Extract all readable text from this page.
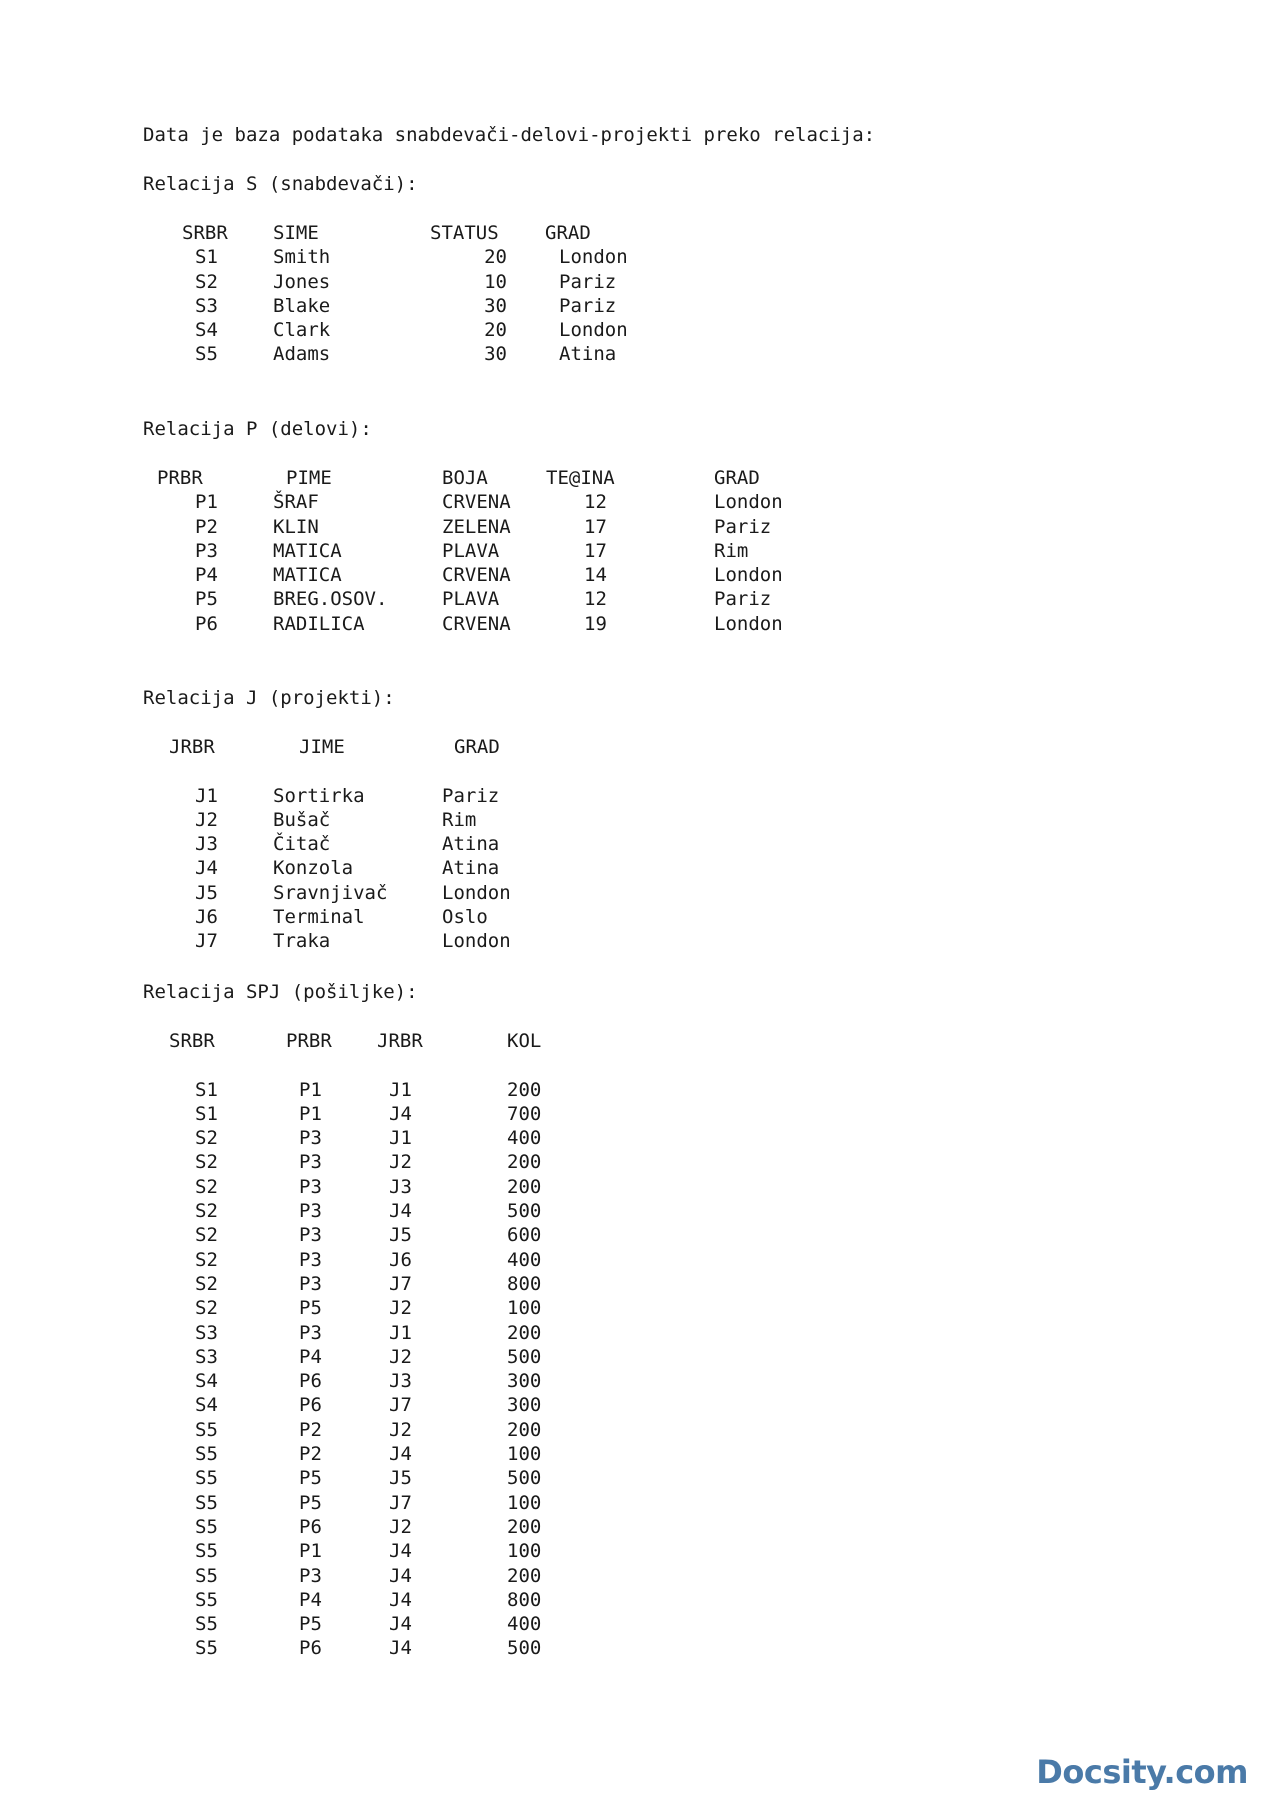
Data je baza podataka snabdevači-delovi-projekti preko relacija:
Relacija S (snabdevači):
SRBR SIME	STATUS GRAD
S1	Smith	20	London
S2	Jones	10	Pariz
S3	Blake	30	Pariz
S4	Clark	20	London
S5	Adams	30	Atina
Relacija P (delovi):
PRBR	PIME	BOJA	TE@INA	GRAD
P1	ŠRAF	CRVENA	12	London
P2	KLIN	ZELENA	17	Pariz
P3	MATICA	PLAVA	17	Rim
P4	MATICA	CRVENA	14	London
P5	BREG.OSOV.	PLAVA	12	Pariz
P6	RADILICA	CRVENA	19	London
Relacija J (projekti):
JRBR	JIME	GRAD
J1	Sortirka	Pariz
J2	Bušač	Rim
J3	Čitač	Atina
J4	Konzola	Atina
J5	Sravnjivač	London
J6	Terminal	Oslo
J7	Traka	London
Relacija SPJ (pošiljke):
SRBR	PRBR JRBR	KOL
S1	P1	J1	200
S1	P1	J4	700
S2	P3	J1	400
S2	P3	J2	200
S2	P3	J3	200
S2	P3	J4	500
S2	P3	J5	600
S2	P3	J6	400
S2	P3	J7	800
S2	P5	J2	100
S3	P3	J1	200
S3	P4	J2	500
S4	P6	J3	300
S4	P6	J7	300
S5	P2	J2	200
S5	P2	J4	100
S5	P5	J5	500
S5	P5	J7	100
S5	P6	J2	200
S5	P1	J4	100
S5	P3	J4	200
S5	P4	J4	800
S5	P5	J4	400
S5	P6	J4	500
Docsity.com
